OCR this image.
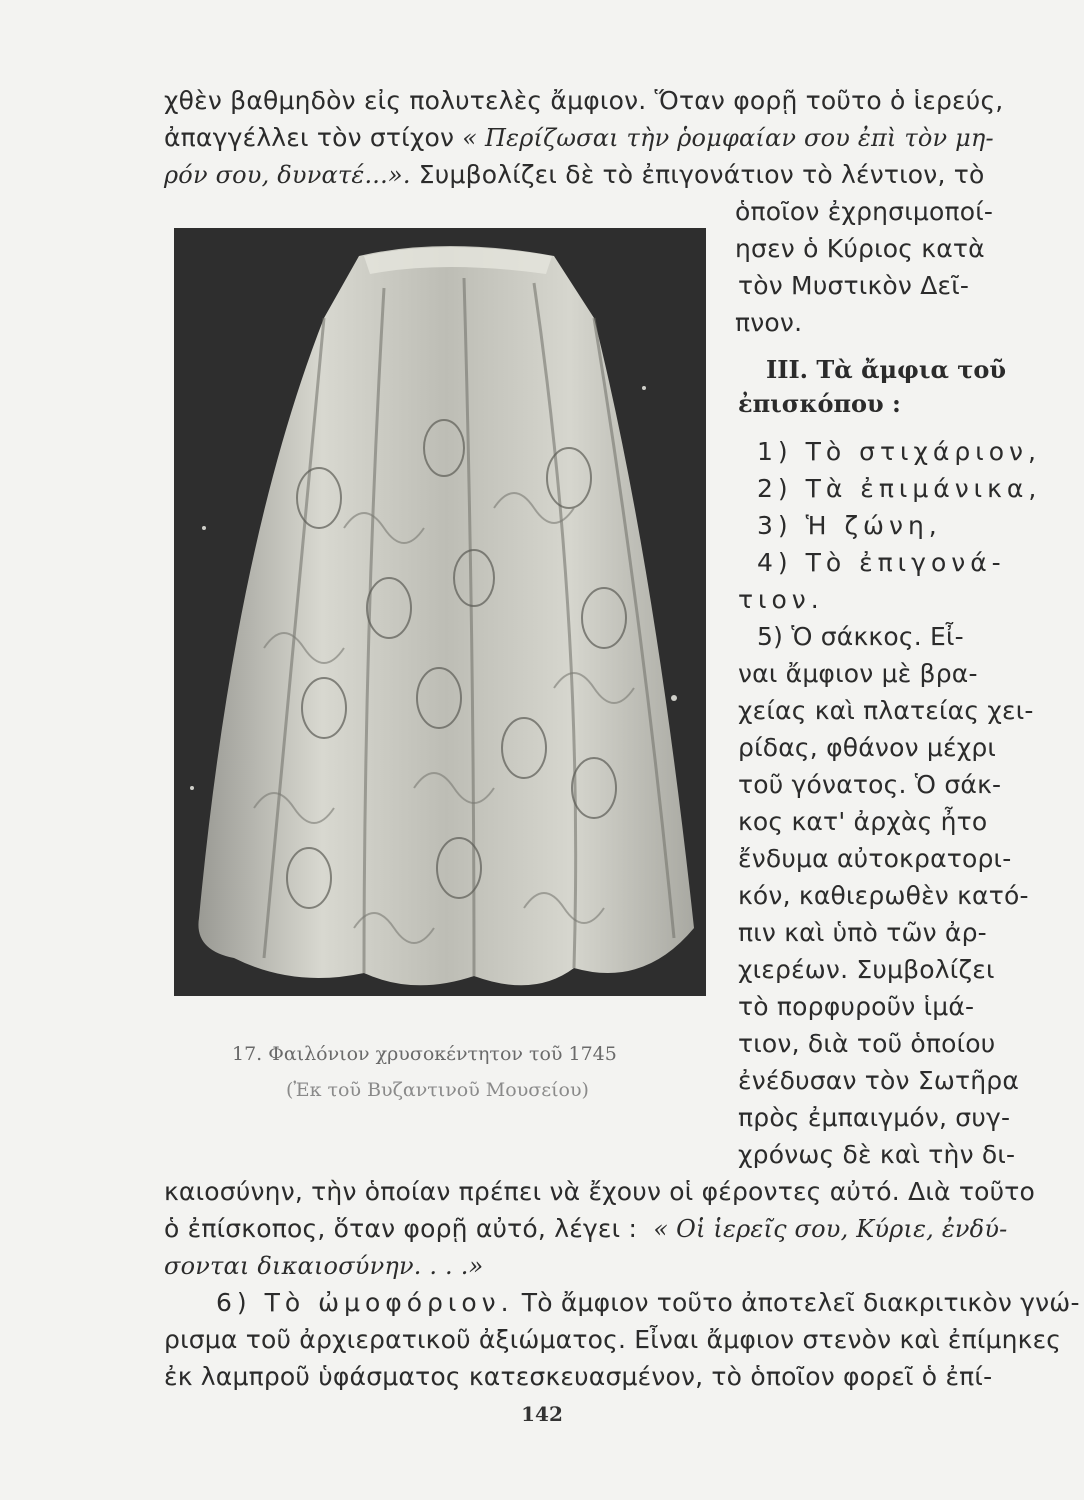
χθὲν βαθμηδὸν εἰς πολυτελὲς ἄμφιον. Ὅταν φορῇ τοῦτο ὁ ἱερεύς,

ἀπαγγέλλει τὸν στίχον « Περίζωσαι τὴν ῥομφαίαν σου ἐπὶ τὸν μη-

ρόν σου, δυνατέ...». Συμβολίζει δὲ τὸ ἐπιγονάτιον τὸ λέντιον, τὸ

ὁποῖον ἐχρησιμοποί-

ησεν ὁ Κύριος κατὰ

τὸν Μυστικὸν Δεῖ-

πνον.

III. Τὰ ἄμφια τοῦ

ἐπισκόπου :

1) Τὸ στιχάριον,

2) Τὰ ἐπιμάνικα,

3) Ἡ ζώνη,

4) Τὸ ἐπιγονά-

τιον.

5) Ὁ σάκκος. Εἶ-

ναι ἄμφιον μὲ βρα-

χείας καὶ πλατείας χει-

ρίδας, φθάνον μέχρι

τοῦ γόνατος. Ὁ σάκ-

κος κατ' ἀρχὰς ἦτο

ἔνδυμα αὐτοκρατορι-

κόν, καθιερωθὲν κατό-

πιν καὶ ὑπὸ τῶν ἀρ-

χιερέων. Συμβολίζει

τὸ πορφυροῦν ἱμά-

τιον, διὰ τοῦ ὁποίου

ἐνέδυσαν τὸν Σωτῆρα

πρὸς ἐμπαιγμόν, συγ-

χρόνως δὲ καὶ τὴν δι-

καιοσύνην, τὴν ὁποίαν πρέπει νὰ ἔχουν οἱ φέροντες αὐτό. Διὰ τοῦτο

ὁ ἐπίσκοπος, ὅταν φορῇ αὐτό, λέγει : « Οἱ ἱερεῖς σου, Κύριε, ἐνδύ-

σονται δικαιοσύνην. . . .»

6) Τὸ ὠμοφόριον. Τὸ ἄμφιον τοῦτο ἀποτελεῖ διακριτικὸν γνώ-

ρισμα τοῦ ἀρχιερατικοῦ ἀξιώματος. Εἶναι ἄμφιον στενὸν καὶ ἐπίμηκες

ἐκ λαμπροῦ ὑφάσματος κατεσκευασμένον, τὸ ὁποῖον φορεῖ ὁ ἐπί-

17. Φαιλόνιον χρυσοκέντητον τοῦ 1745

(Ἐκ τοῦ Βυζαντινοῦ Μουσείου)

142
